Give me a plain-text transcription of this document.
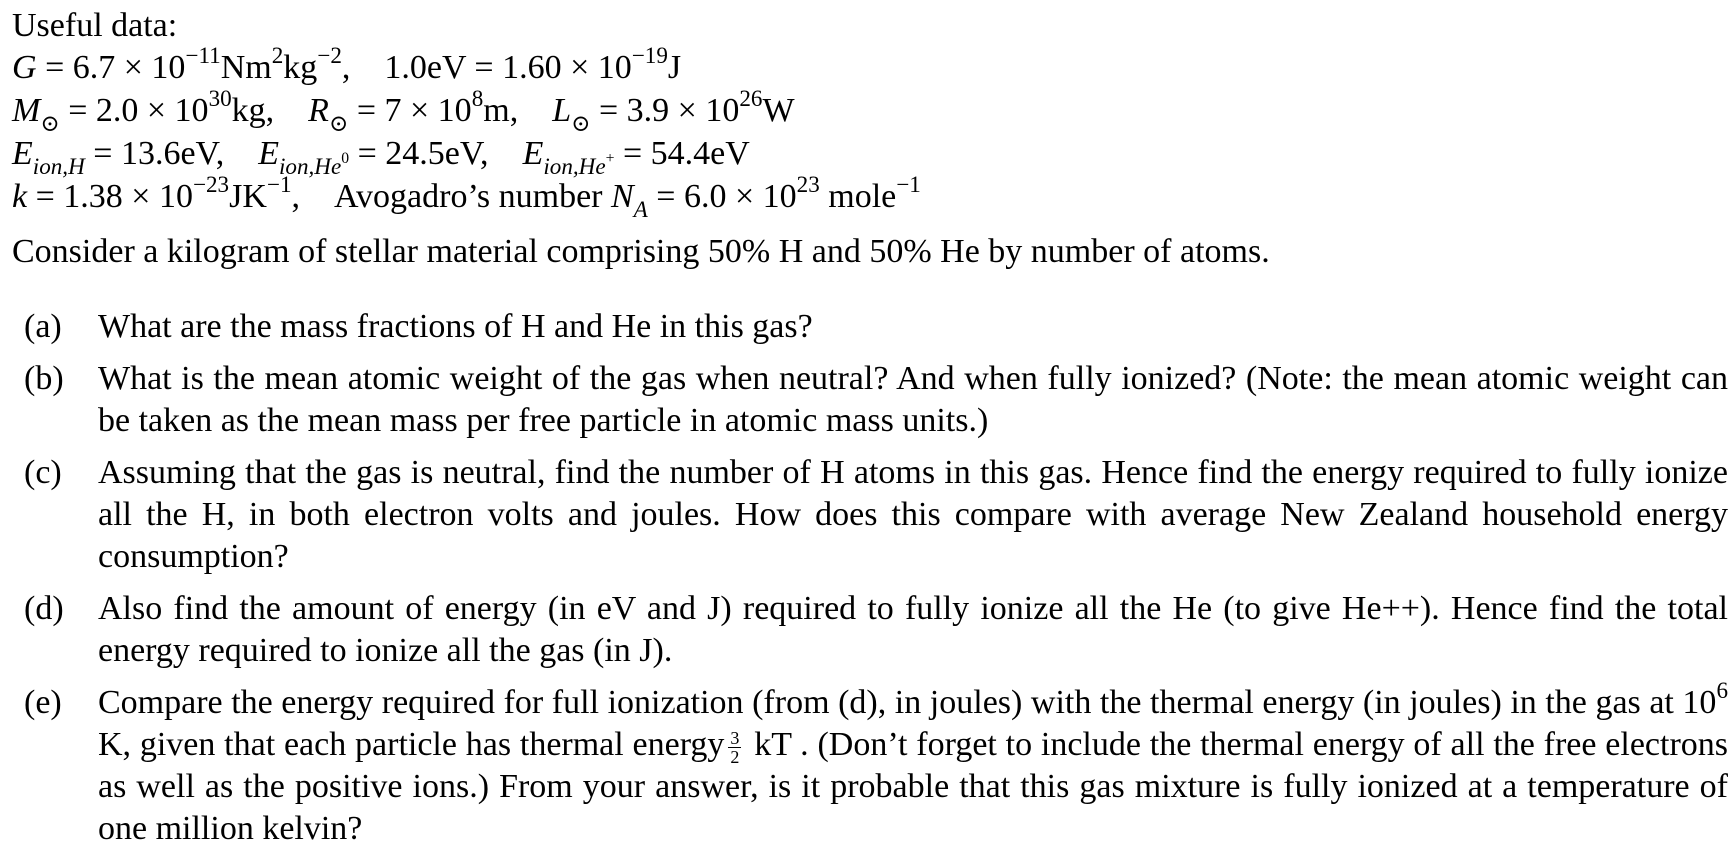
Useful data:
$G = 6.7 \times 10^{-11}Nm^2kg^{-2}$, $1.0eV = 1.60 \times 10^{-19}J$
$M_⊙ = 2.0 \times 10^{30}kg$, $R_⊙ = 7 \times 10^8m$, $L_⊙ = 3.9 \times 10^{26}W$
$E_{ion,H} = 13.6eV$, $E_{ion,He^0} = 24.5eV$, $E_{ion,He^+} = 54.4eV$
$k = 1.38 \times 10^{-23}JK^{-1}$, Avogadro’s number $N_A = 6.0 \times 10^{23}$ mole$^{-1}$
Consider a kilogram of stellar material comprising 50% H and 50% He by number of atoms.
(a)	What are the mass fractions of H and He in this gas?
(b)	What is the mean atomic weight of the gas when neutral? And when fully ionized? (Note: the mean atomic weight can be taken as the mean mass per free particle in atomic mass units.)
(c)	Assuming that the gas is neutral, find the number of H atoms in this gas. Hence find the energy required to fully ionize all the H, in both electron volts and joules. How does this compare with average New Zealand household energy consumption?
(d)	Also find the amount of energy (in eV and J) required to fully ionize all the He (to give He++). Hence find the total energy required to ionize all the gas (in J).
(e)	Compare the energy required for full ionization (from (d), in joules) with the thermal energy (in joules) in the gas at $10^6$ K, given that each particle has thermal energy $\frac{3}{2}$ kT . (Don’t forget to include the thermal energy of all the free electrons as well as the positive ions.) From your answer, is it probable that this gas mixture is fully ionized at a temperature of one million kelvin?
